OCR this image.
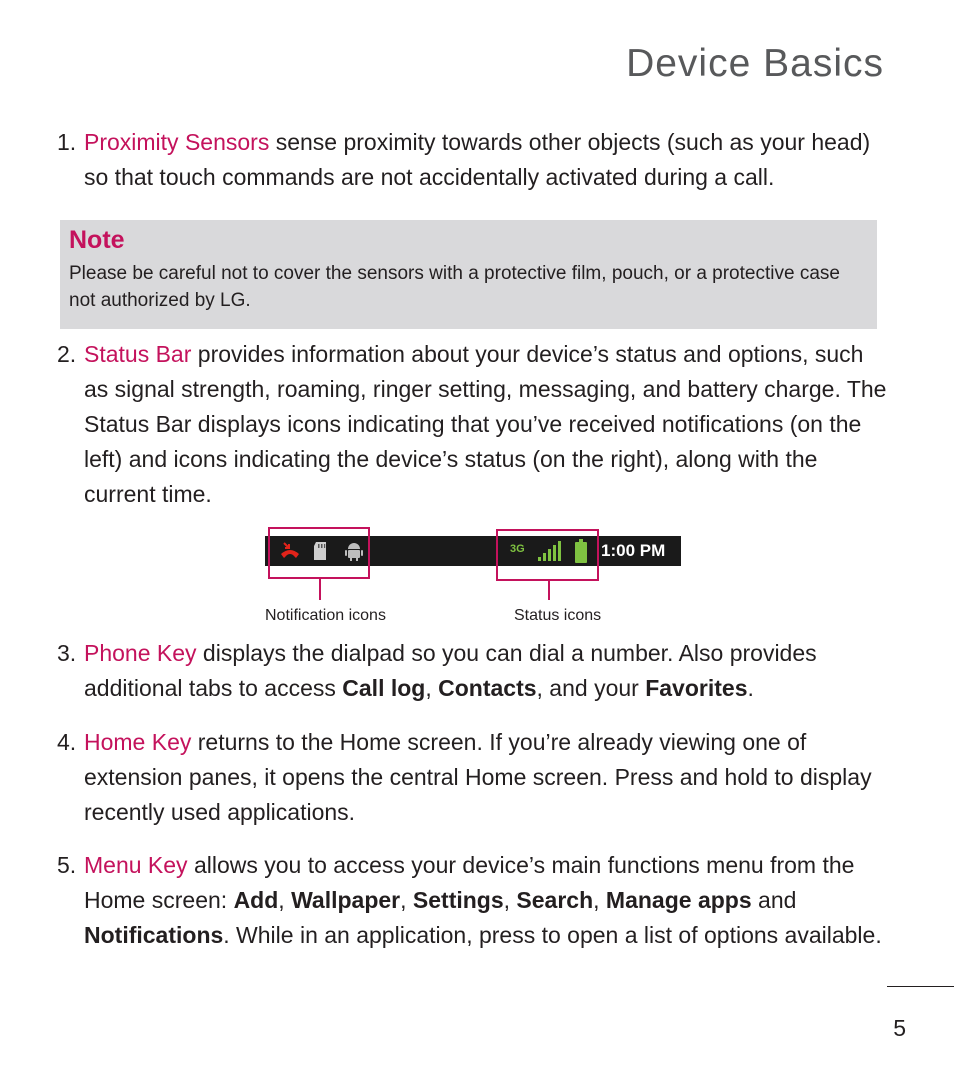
Device Basics
1. Proximity Sensors sense proximity towards other objects (such as your head) so that touch commands are not accidentally activated during a call.
Note
Please be careful not to cover the sensors with a protective film, pouch, or a protective case not authorized by LG.
2. Status Bar provides information about your device’s status and options, such as signal strength, roaming, ringer setting, messaging, and battery charge. The Status Bar displays icons indicating that you’ve received notifications (on the left) and icons indicating the device’s status (on the right), along with the current time.
3G	1:00 PM
Notification icons	Status icons
3. Phone Key displays the dialpad so you can dial a number. Also provides additional tabs to access Call log, Contacts, and your Favorites.
4. Home Key returns to the Home screen. If you’re already viewing one of extension panes, it opens the central Home screen. Press and hold to display recently used applications.
5. Menu Key allows you to access your device’s main functions menu from the Home screen: Add, Wallpaper, Settings, Search, Manage apps and Notifications. While in an application, press to open a list of options available.
5
